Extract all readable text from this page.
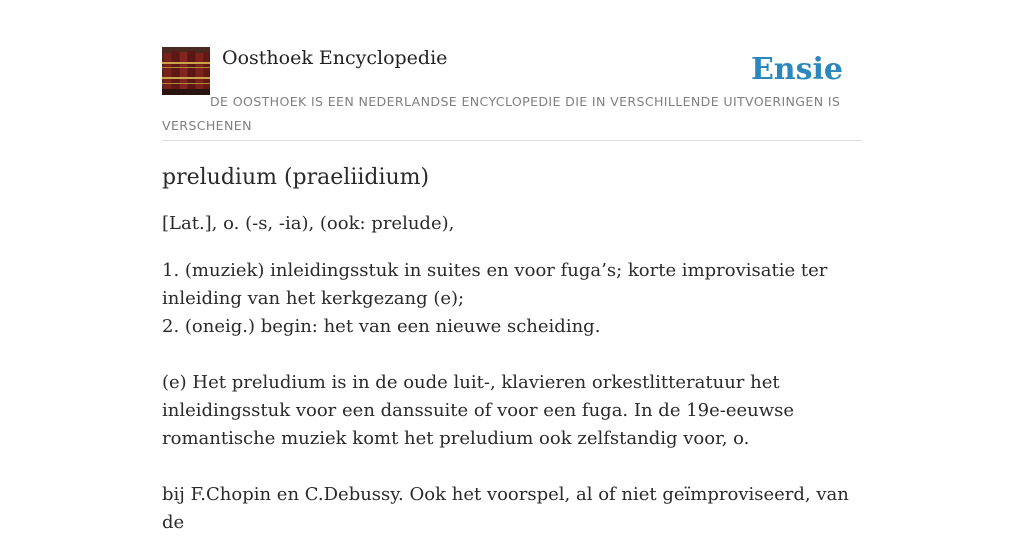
Oosthoek Encyclopedie	Ensie
DE OOSTHOEK IS EEN NEDERLANDSE ENCYCLOPEDIE DIE IN VERSCHILLENDE UITVOERINGEN IS VERSCHENEN
preludium (praeliidium)

[Lat.], o. (-s, -ia), (ook: prelude),

1. (muziek) inleidingsstuk in suites en voor fuga’s; korte improvisatie ter inleiding van het kerkgezang (e);

2. (oneig.) begin: het van een nieuwe scheiding.

(e) Het preludium is in de oude luit-, klavieren orkestlitteratuur het inleidingsstuk voor een danssuite of voor een fuga. In de 19e-eeuwse romantische muziek komt het preludium ook zelfstandig voor, o.

bij F.Chopin en C.Debussy. Ook het voorspel, al of niet geïmproviseerd, van de
